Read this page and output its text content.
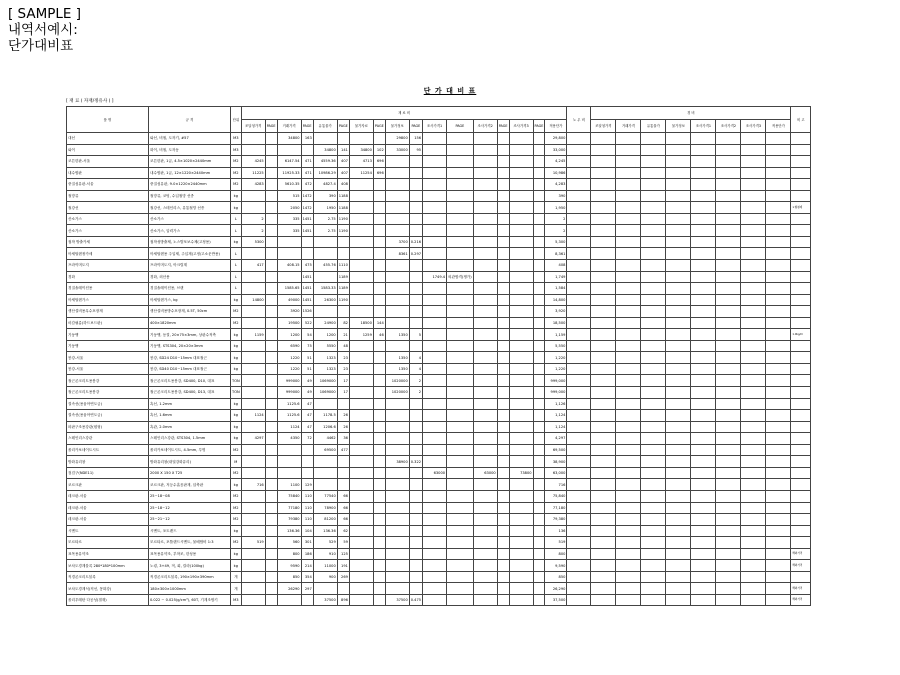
[ SAMPLE ]
내역서예시:
단가대비표
단 가 대 비 표
[ 재 료 ( 자재/정유사 ) ]
품 명	규 격	단위	재 료 비																	노 무 비	경 비								비 고
			조달청가격	PAGE	거래가격	PAGE	유통물가	PAGE	물가자료	PAGE	물가정보	PAGE	조사가격1	PAGE	조사가격2	PAGE	조사가격3	PAGE	적용단가		조달청가격	거래가격	유통물가	물가정보	조사가격1	조사가격2	조사가격3	적용단가	
대선	와선, 비철, 도자기, #57	M3			34800	163					29800	156							29,800										
와이	화이, 비철, 도자동	M3					34800	141	34800	102	33000	95							33,000										
코튼한판-서울	코튼한판, 1급, 4.5×1020×2440mm	M2	4245		6147.54	471	4559.36	407	4713	696									4,245										
내수합판	내수합판, 1급, 12×1220×2440mm	M2	11225		11925.33	471	10986.29	407	11254	696									10,986										
중질섬유판-서울	중질섬유판, 9.0×1220×2440mm	M2	4283		5610.35	472	4827.4	408											4,283										
철망류	철망류, 코팅, 수입철망 선종	kg			515	1472	390	1188											390										
철강선	철강선, 스테인리스, 유통철망 선종	kg			2050	1472	1950	1188											1,950										×형철제
산소가스	산소가스	L	2		335	1451	2.75	1190											2										
산소가스	산소가스, 압력가스	L	2		335	1451	2.75	1190											2										
접착 방출카세	접착성방출제, 노스발포보수제(고정용)	kg	5300								3700	0.216							5,300										
아세틸렌정카세	아세틸렌용 주입제, 주입재(고정/고소운반용)	L									8361	0.297							8,361										
프라이머도지	프라이머도지, 아크릴계	L	417		408.15	475	455.76	1110											408										
경화	경화, 외산용	L				1451		1189					1749.4	외관합격(쟁가)					1,749										
경질솔레이션용	경질솔레이션용, 브랜	L			1585.65	1451	1583.33	1189											1,584										
아세틸렌가스	아세틸렌가스, kg	kg	14800		49000	1451	26300	1190											14,800										
생산설비용무수포장재	생산설비용방수포장재, 0.5T, 50cm	M2			3920	1526													3,920										
마감필름(하드보드판)	400×1820mm	M2			19500	522	24900	82	18500	144									18,500										
기둥앵	기둥앵, 동결, 20×75×3mm, 상판수직측	kg	1159		1200	54	1200	21	1259	46	1350	5							1,159										1.0kg/m
기둥앵	기둥앵, STS304, 20×20×3mm	kg			6590	75	5550	48											5,550										
봉강-서울	봉강, SD24 D10~15mm 대표철근	kg			1220	51	1323	23			1350	4							1,220										
봉강-서울	봉강, SD40 D10~15mm 대표철근	kg			1220	51	1323	23			1350	4							1,220										
철근콘크리트용봉강	철근콘크리트용봉강, SD400, D10, 대표	TON			999000	49	1069000	17			1020000	2							999,000										
철근콘크리트용봉강	철근콘크리트용봉강, SD400, D13, 대표	TON			999000	49	1069000	17			1020000	2							999,000										
결속선(용융아연도금)	흑선, 1.2mm	kg			1125.6	47													1,126										
결속선(용융아연도금)	흑선, 1.6mm	kg	1124		1125.6	47	1178.5	26											1,124										
파판구조용강관(원형)	흑관, 2.0mm	kg			1124	47	1206.6	26											1,124										
스테인리스강관	스테인리스강관, STS304, 1.5mm	kg	4297		4350	72	4462	36											4,297										
폴리카보네이트시트	폴리카보네이트시트, 4.5mm, 투명	M2					69500	477											69,500										
방화유리창	방화유리창(내열강화유리)	M									38900	0.322							38,900										
점검구(NDE11)	2000 X 150 X T25	M2											63000		63000		73800		63,000										
코르크판	코르크판, 저등수흡음판재, 압축판	kg	716		1100	129													716										
데크판-서울	25~18~08	M2			75840	110	77540	66											75,840										
데크판-서울	25~18~12	M2			77180	110	78900	66											77,180										
데크판-서울	25~21~12	M2			79380	110	81200	66											79,380										
시멘트	시멘트, 포트랜드	kg			136.36	104	136.36	62											136										
모르타르	모르타르, 포틀랜드시멘트, 물배합비 1:3	M2	519		560	301	529	59											519										
표목용유약조	표목용유약조, 부착조, 한성용	kg			800	186	910	125											800										해외가격
보차도경계블록 280*180*100mm	노령, 3+49, 적, 회, 칼라(100kg)	kg			9590	214	11000	191											9,590										해외가격
직경콘크리트블록	직경콘크리트블록, 190×190×390mm	개			850	354	900	269											850										
보차도경계석(직선, 몽화강)	180×300×1000mm	개			26290	297													26,290										해외가격
폴리우레탄 다공성(겔재)	0.022 ~ 0.025(g/cm³), 60T, 기계조합기	M3					37500	896			37500	0.475							37,500										해외가격
